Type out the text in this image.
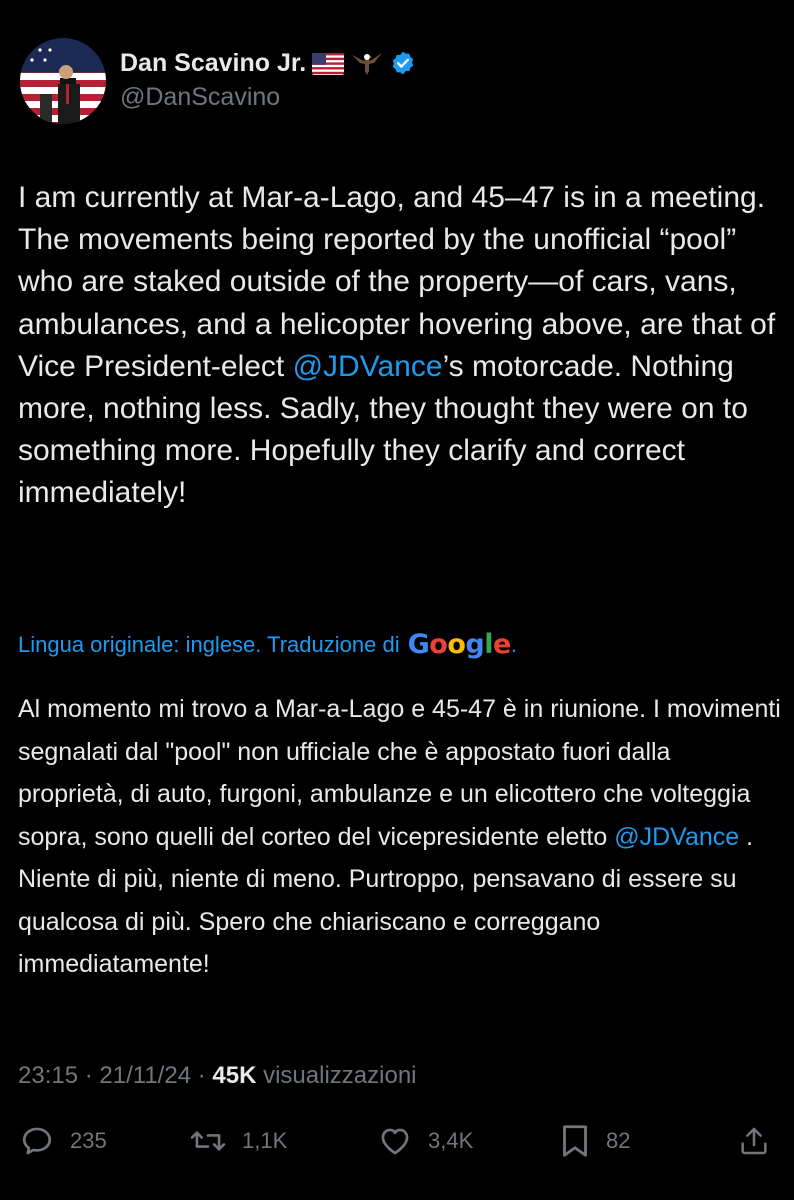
Dan Scavino Jr.
@DanScavino

I am currently at Mar-a-Lago, and 45–47 is in a meeting. The movements being reported by the unofficial “pool” who are staked outside of the property—of cars, vans, ambulances, and a helicopter hovering above, are that of Vice President-elect @JDVance’s motorcade. Nothing more, nothing less. Sadly, they thought they were on to something more. Hopefully they clarify and correct immediately!

Lingua originale: inglese. Traduzione di Google .

Al momento mi trovo a Mar-a-Lago e 45-47 è in riunione. I movimenti segnalati dal "pool" non ufficiale che è appostato fuori dalla proprietà, di auto, furgoni, ambulanze e un elicottero che volteggia sopra, sono quelli del corteo del vicepresidente eletto @JDVance . Niente di più, niente di meno. Purtroppo, pensavano di essere su qualcosa di più. Spero che chiariscano e correggano immediatamente!

23:15 · 21/11/24 · 45K visualizzazioni
235	1,1K	3,4K	82
